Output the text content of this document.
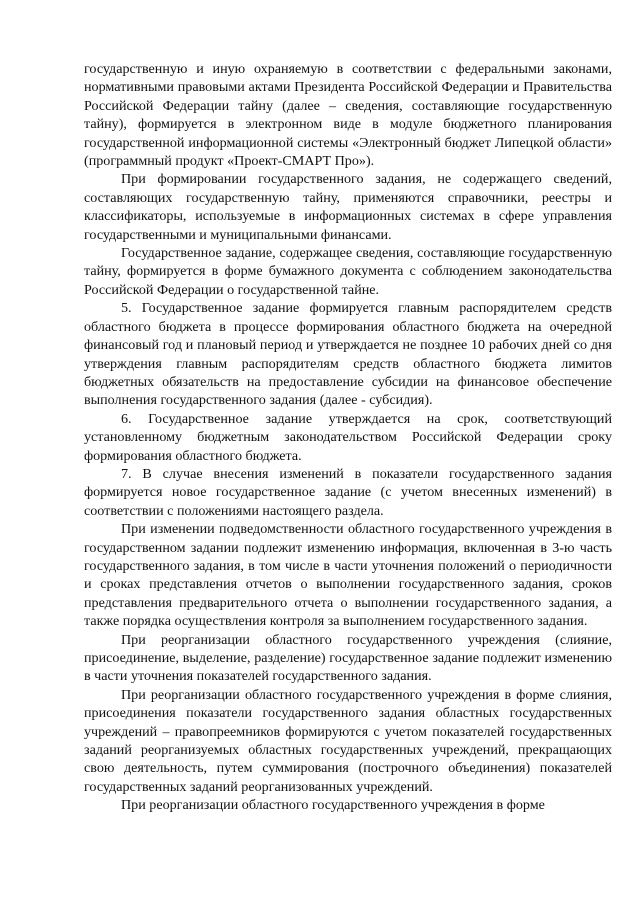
государственную и иную охраняемую в соответствии с федеральными законами, нормативными правовыми актами Президента Российской Федерации и Правительства Российской Федерации тайну (далее – сведения, составляющие государственную тайну), формируется в электронном виде в модуле бюджетного планирования государственной информационной системы «Электронный бюджет Липецкой области» (программный продукт «Проект-СМАРТ Про»).

При формировании государственного задания, не содержащего сведений, составляющих государственную тайну, применяются справочники, реестры и классификаторы, используемые в информационных системах в сфере управления государственными и муниципальными финансами.

Государственное задание, содержащее сведения, составляющие государственную тайну, формируется в форме бумажного документа с соблюдением законодательства Российской Федерации о государственной тайне.

5. Государственное задание формируется главным распорядителем средств областного бюджета в процессе формирования областного бюджета на очередной финансовый год и плановый период и утверждается не позднее 10 рабочих дней со дня утверждения главным распорядителям средств областного бюджета лимитов бюджетных обязательств на предоставление субсидии на финансовое обеспечение выполнения государственного задания (далее - субсидия).

6. Государственное задание утверждается на срок, соответствующий установленному бюджетным законодательством Российской Федерации сроку формирования областного бюджета.

7. В случае внесения изменений в показатели государственного задания формируется новое государственное задание (с учетом внесенных изменений) в соответствии с положениями настоящего раздела.

При изменении подведомственности областного государственного учреждения в государственном задании подлежит изменению информация, включенная в 3-ю часть государственного задания, в том числе в части уточнения положений о периодичности и сроках представления отчетов о выполнении государственного задания, сроков представления предварительного отчета о выполнении государственного задания, а также порядка осуществления контроля за выполнением государственного задания.

При реорганизации областного государственного учреждения (слияние, присоединение, выделение, разделение) государственное задание подлежит изменению в части уточнения показателей государственного задания.

При реорганизации областного государственного учреждения в форме слияния, присоединения показатели государственного задания областных государственных учреждений – правопреемников формируются с учетом показателей государственных заданий реорганизуемых областных государственных учреждений, прекращающих свою деятельность, путем суммирования (построчного объединения) показателей государственных заданий реорганизованных учреждений.

При реорганизации областного государственного учреждения в форме
